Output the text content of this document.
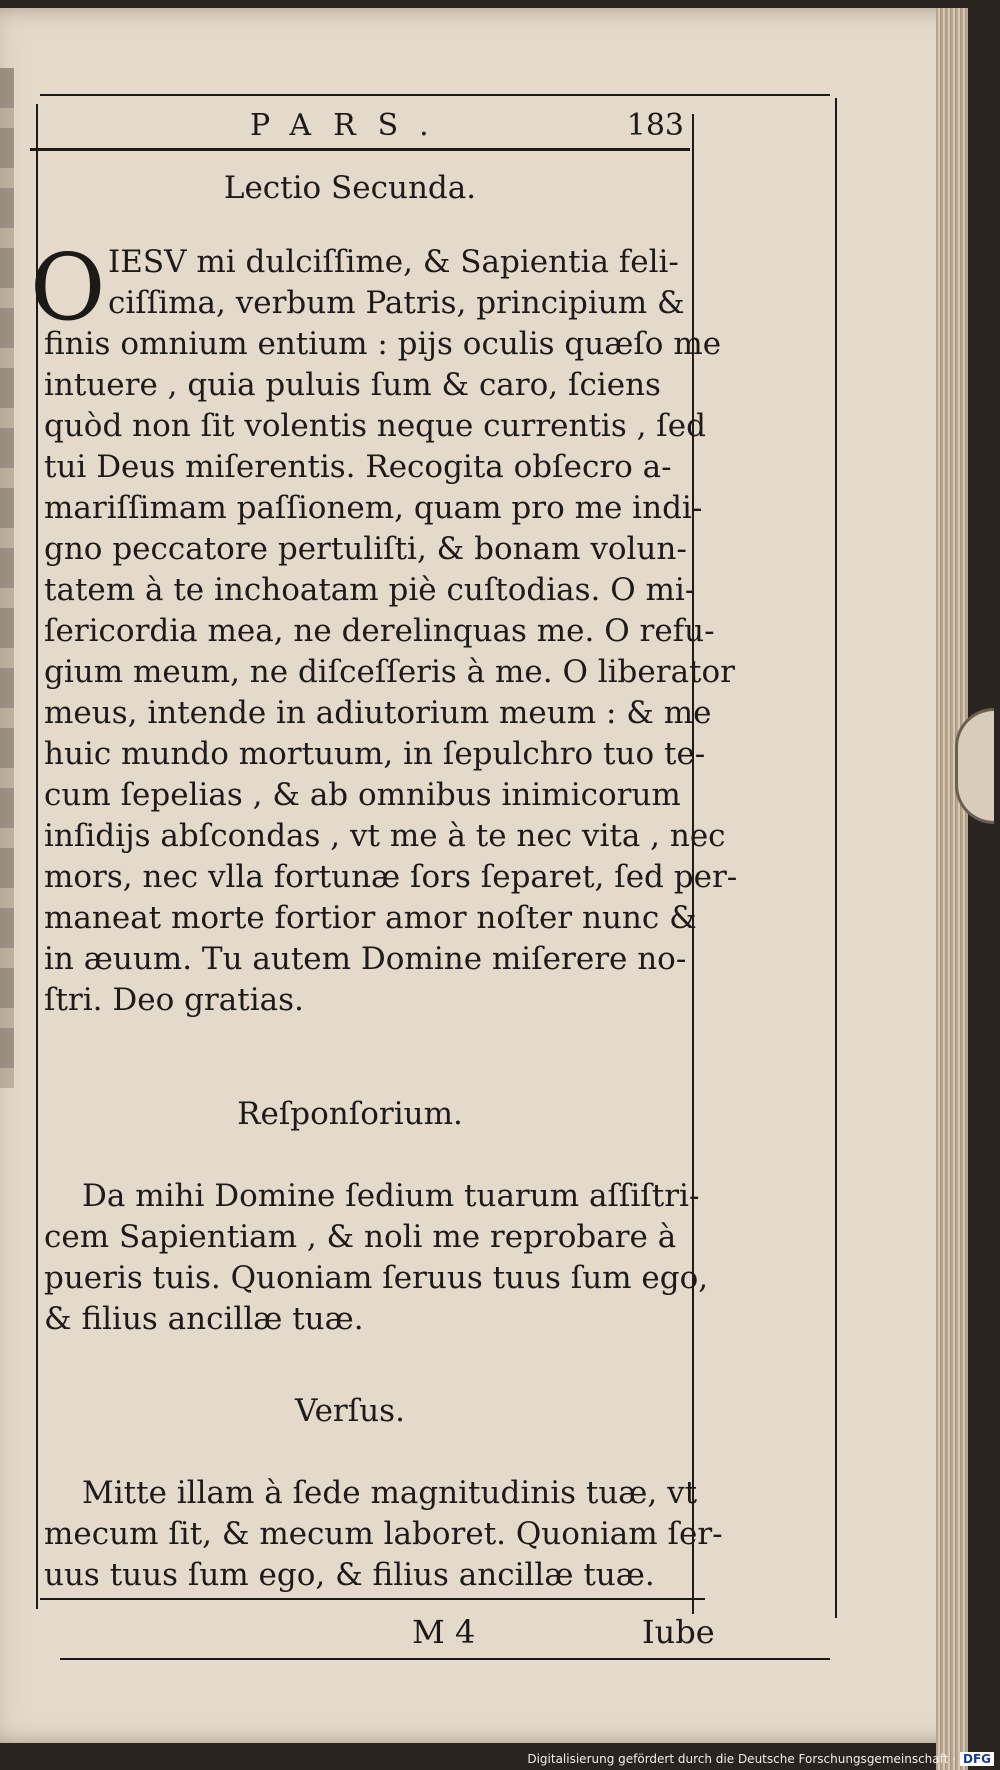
PARS.	183
Lectio Secunda.
O IESV mi dulciſſime, & Sapientia feli-
ciſſima, verbum Patris, principium &
finis omnium entium : pijs oculis quæſo me
intuere , quia puluis ſum & caro, ſciens
quòd non ſit volentis neque currentis , ſed
tui Deus miſerentis. Recogita obſecro a-
mariſſimam paſſionem, quam pro me indi-
gno peccatore pertuliſti, & bonam volun-
tatem à te inchoatam piè cuſtodias. O mi-
ſericordia mea, ne derelinquas me. O refu-
gium meum, ne diſceſſeris à me. O liberator
meus, intende in adiutorium meum : & me
huic mundo mortuum, in ſepulchro tuo te-
cum ſepelias , & ab omnibus inimicorum
inſidijs abſcondas , vt me à te nec vita , nec
mors, nec vlla fortunæ ſors ſeparet, ſed per-
maneat morte fortior amor noſter nunc &
in æuum. Tu autem Domine miſerere no-
ſtri. Deo gratias.
Reſponſorium.
Da mihi Domine ſedium tuarum aſſiſtri-
cem Sapientiam , & noli me reprobare à
pueris tuis. Quoniam ſeruus tuus ſum ego,
& filius ancillæ tuæ.
Verſus.
Mitte illam à ſede magnitudinis tuæ, vt
mecum ſit, & mecum laboret. Quoniam ſer-
uus tuus ſum ego, & filius ancillæ tuæ.
M 4	Iube
Digitalisierung gefördert durch die Deutsche Forschungsgemeinschaft · DFG
